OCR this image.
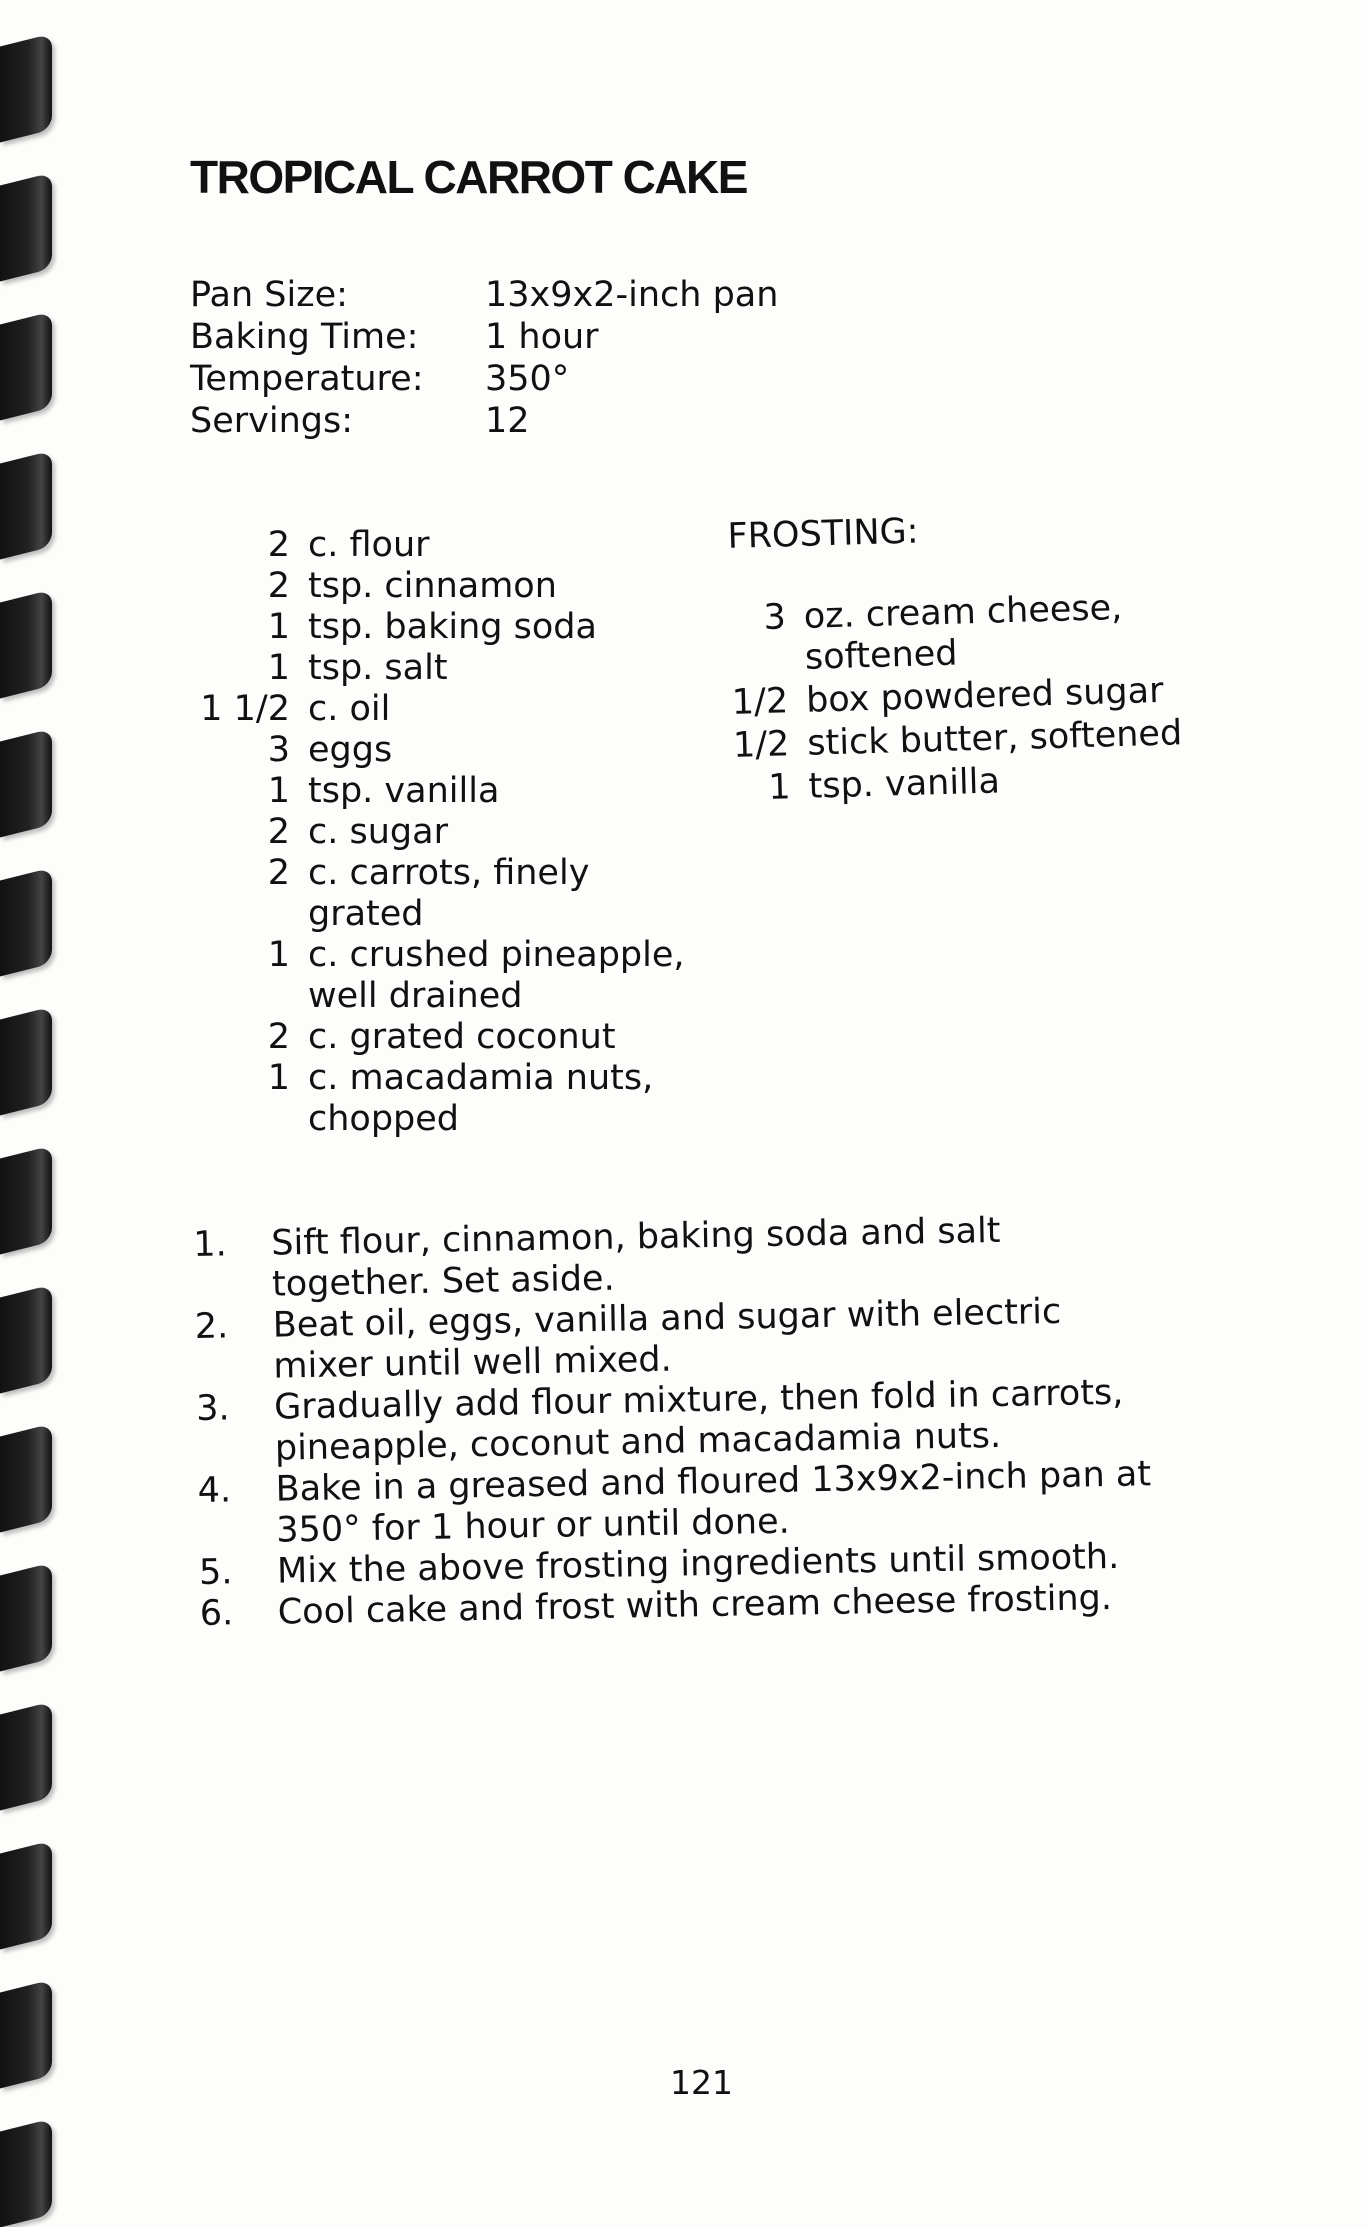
TROPICAL CARROT CAKE
Pan Size:	13x9x2-inch pan
Baking Time: 1 hour
Temperature: 350°
Servings:	12
2 c. flour
2 tsp. cinnamon
1 tsp. baking soda
1 tsp. salt
1 1/2 c. oil
3 eggs
1 tsp. vanilla
2 c. sugar
2 c. carrots, finely
grated
1 c. crushed pineapple,
well drained
2 c. grated coconut
1 c. macadamia nuts,
chopped
FROSTING:
3 oz. cream cheese,
softened
1/2 box powdered sugar
1/2 stick butter, softened
1 tsp. vanilla
1. Sift flour, cinnamon, baking soda and salt
together. Set aside.
2. Beat oil, eggs, vanilla and sugar with electric
mixer until well mixed.
3. Gradually add flour mixture, then fold in carrots,
pineapple, coconut and macadamia nuts.
4. Bake in a greased and floured 13x9x2-inch pan at
350° for 1 hour or until done.
5. Mix the above frosting ingredients until smooth.
6. Cool cake and frost with cream cheese frosting.
121
